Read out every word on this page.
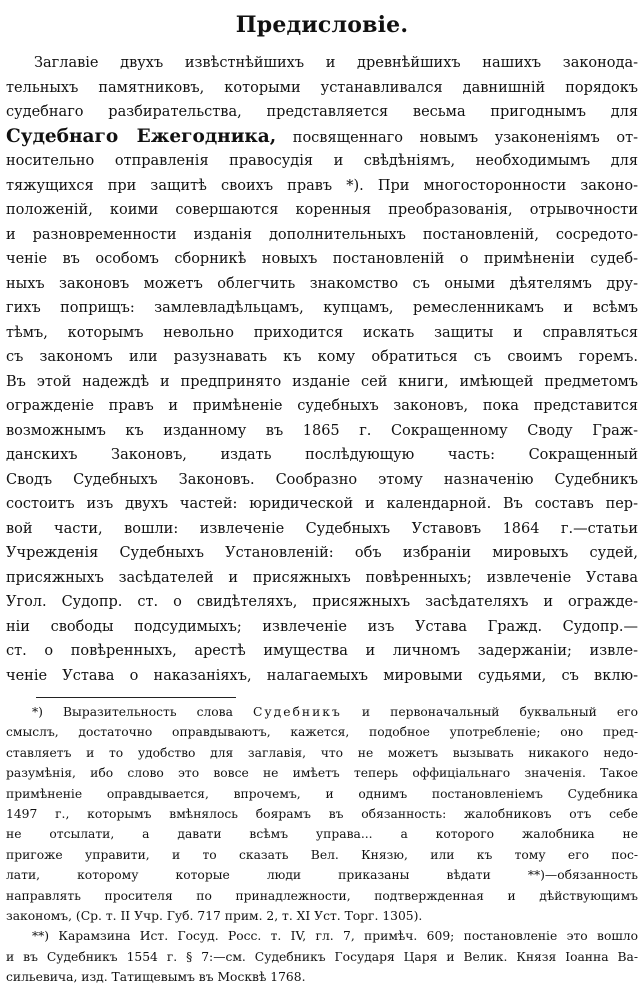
Предисловіе.
Заглавіе двухъ извѣстнѣйшихъ и древнѣйшихъ нашихъ законода-
тельныхъ памятниковъ, которыми устанавливался давнишній порядокъ
судебнаго разбирательства, представляется весьма пригоднымъ для
Судебнаго Ежегодника, посвященнаго новымъ узаконеніямъ от-
носительно отправленія правосудія и свѣдѣніямъ, необходимымъ для
тяжущихся при защитѣ своихъ правъ *). При многосторонности законо-
положеній, коими совершаются коренныя преобразованія, отрывочности
и разновременности изданія дополнительныхъ постановленій, сосредото-
ченіе въ особомъ сборникѣ новыхъ постановленій о примѣненіи судеб-
ныхъ законовъ можетъ облегчить знакомство съ оными дѣятелямъ дру-
гихъ поприщъ: замлевладѣльцамъ, купцамъ, ремесленникамъ и всѣмъ
тѣмъ, которымъ невольно приходится искать защиты и справляться
съ закономъ или разузнавать къ кому обратиться съ своимъ горемъ.
Въ этой надеждѣ и предпринято изданіе сей книги, имѣющей предметомъ
огражденіе правъ и примѣненіе судебныхъ законовъ, пока представится
возможнымъ къ изданному въ 1865 г. Сокращенному Своду Граж-
данскихъ Законовъ, издать послѣдующую часть: Сокращенный
Сводъ Судебныхъ Законовъ. Сообразно этому назначенію Судебникъ
состоитъ изъ двухъ частей: юридической и календарной. Въ составъ пер-
вой части, вошли: извлеченіе Судебныхъ Уставовъ 1864 г.—статьи
Учрежденія Судебныхъ Установленій: объ избраніи мировыхъ судей,
присяжныхъ засѣдателей и присяжныхъ повѣренныхъ; извлеченіе Устава
Угол. Судопр. ст. о свидѣтеляхъ, присяжныхъ засѣдателяхъ и огражде-
ніи свободы подсудимыхъ; извлеченіе изъ Устава Гражд. Судопр.—
ст. о повѣренныхъ, арестѣ имущества и личномъ задержаніи; извле-
ченіе Устава о наказаніяхъ, налагаемыхъ мировыми судьями, съ вклю-
*) Выразительность слова Судебникъ и первоначальный буквальный его
смыслъ, достаточно оправдываютъ, кажется, подобное употребленіе; оно пред-
ставляетъ и то удобство для заглавія, что не можетъ вызывать никакого недо-
разумѣнія, ибо слово это вовсе не имѣетъ теперь оффиціальнаго значенія. Такое
примѣненіе оправдывается, впрочемъ, и однимъ постановленіемъ Судебника
1497 г., которымъ вмѣнялось боярамъ въ обязанность: жалобниковъ отъ себе
не отсылати, а давати всѣмъ управа... а которого жалобника не
пригоже управити, и то сказать Вел. Князю, или къ тому его пос-
лати, которому которые люди приказаны вѣдати **)—обязанность
направлять просителя по принадлежности, подтвержденная и дѣйствующимъ
закономъ, (Ср. т. II Учр. Губ. 717 прим. 2, т. XI Уст. Торг. 1305).
**) Карамзина Ист. Госуд. Росс. т. IV, гл. 7, примѣч. 609; постановленіе это вошло
и въ Судебникъ 1554 г. § 7:—см. Судебникъ Государя Царя и Велик. Князя Іоанна Ва-
сильевича, изд. Татищевымъ въ Москвѣ 1768.
